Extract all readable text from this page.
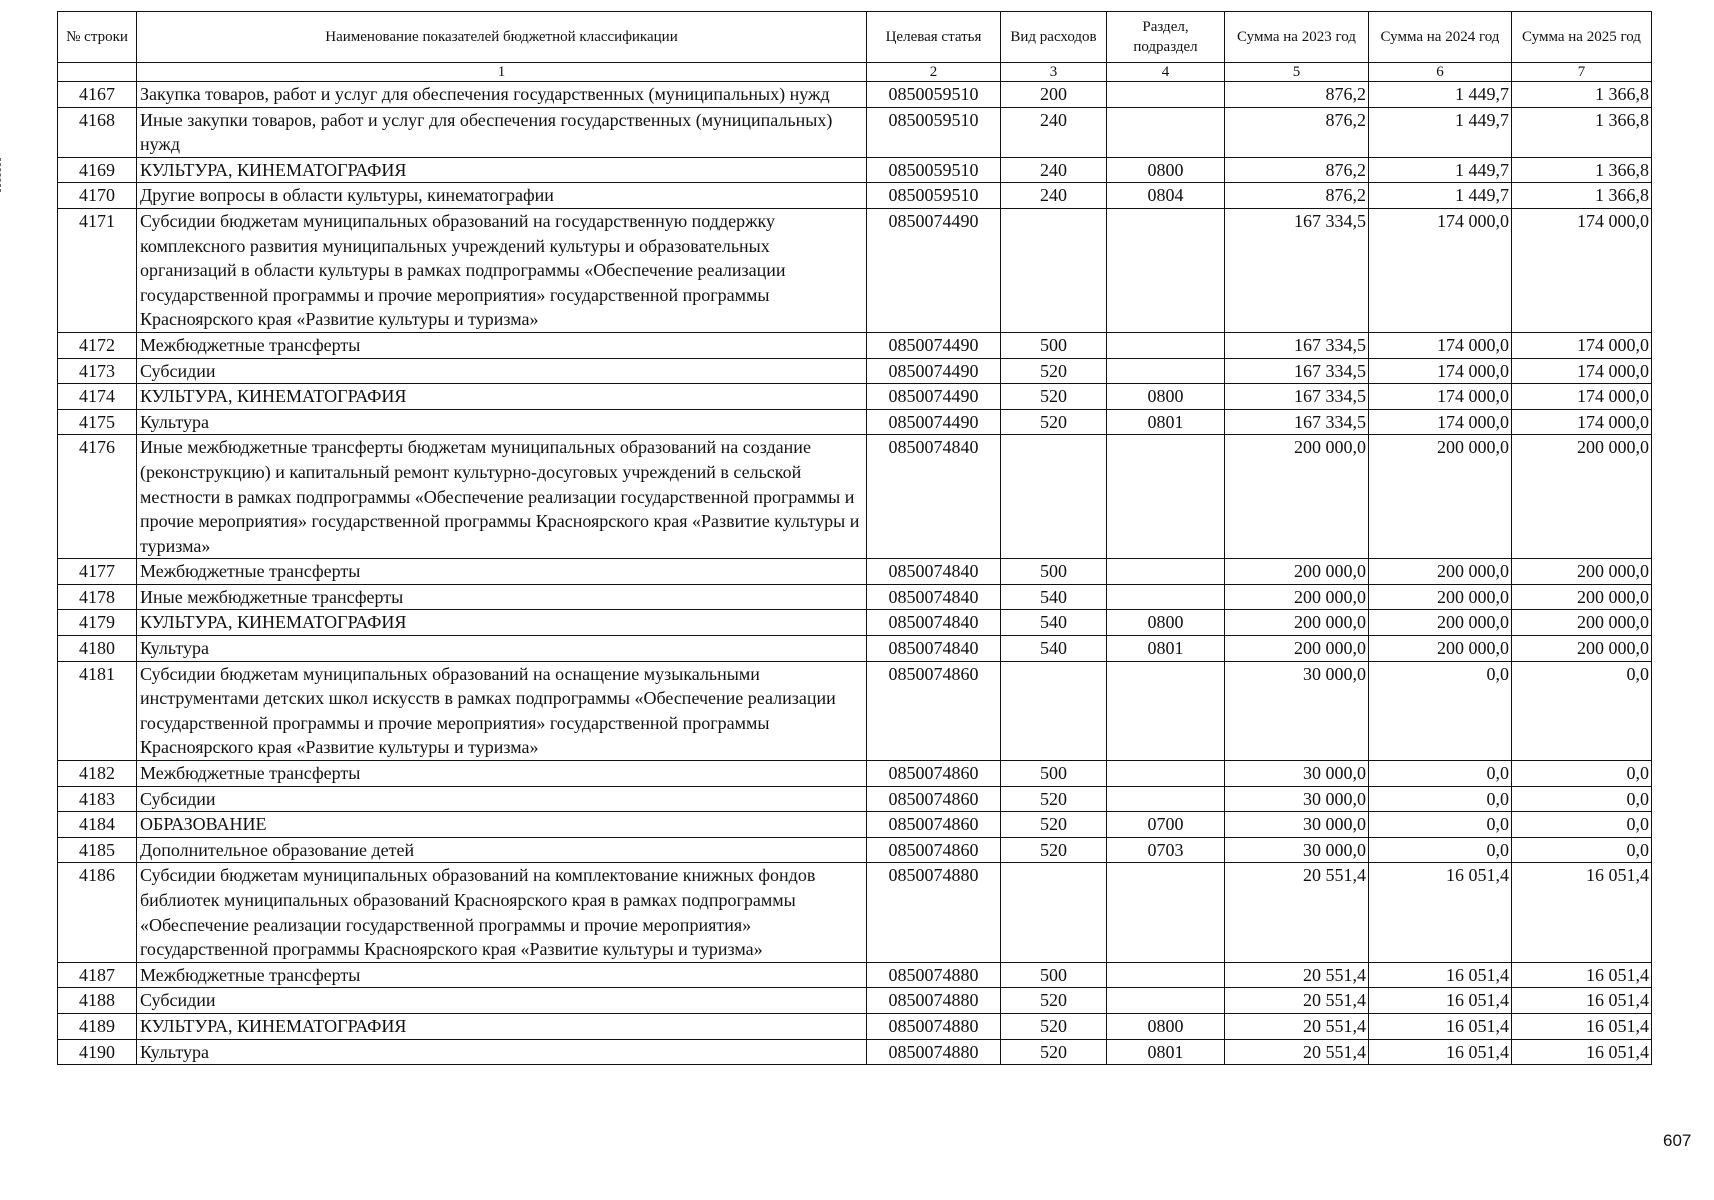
№ строки	Наименование показателей бюджетной классификации	Целевая статья	Вид расходов	Раздел, подраздел	Сумма на 2023 год	Сумма на 2024 год	Сумма на 2025 год
	1	2	3	4	5	6	7
4167	Закупка товаров, работ и услуг для обеспечения государственных (муниципальных) нужд	0850059510	200		876,2	1 449,7	1 366,8
4168	Иные закупки товаров, работ и услуг для обеспечения государственных (муниципальных) нужд	0850059510	240		876,2	1 449,7	1 366,8
4169	КУЛЬТУРА, КИНЕМАТОГРАФИЯ	0850059510	240	0800	876,2	1 449,7	1 366,8
4170	Другие вопросы в области культуры, кинематографии	0850059510	240	0804	876,2	1 449,7	1 366,8
4171	Субсидии бюджетам муниципальных образований на государственную поддержку комплексного развития муниципальных учреждений культуры и образовательных организаций в области культуры в рамках подпрограммы «Обеспечение реализации государственной программы и прочие мероприятия» государственной программы Красноярского края «Развитие культуры и туризма»	0850074490			167 334,5	174 000,0	174 000,0
4172	Межбюджетные трансферты	0850074490	500		167 334,5	174 000,0	174 000,0
4173	Субсидии	0850074490	520		167 334,5	174 000,0	174 000,0
4174	КУЛЬТУРА, КИНЕМАТОГРАФИЯ	0850074490	520	0800	167 334,5	174 000,0	174 000,0
4175	Культура	0850074490	520	0801	167 334,5	174 000,0	174 000,0
4176	Иные межбюджетные трансферты бюджетам муниципальных образований на создание (реконструкцию) и капитальный ремонт культурно-досуговых учреждений в сельской местности в рамках подпрограммы «Обеспечение реализации государственной программы и прочие мероприятия» государственной программы Красноярского края «Развитие культуры и туризма»	0850074840			200 000,0	200 000,0	200 000,0
4177	Межбюджетные трансферты	0850074840	500		200 000,0	200 000,0	200 000,0
4178	Иные межбюджетные трансферты	0850074840	540		200 000,0	200 000,0	200 000,0
4179	КУЛЬТУРА, КИНЕМАТОГРАФИЯ	0850074840	540	0800	200 000,0	200 000,0	200 000,0
4180	Культура	0850074840	540	0801	200 000,0	200 000,0	200 000,0
4181	Субсидии бюджетам муниципальных образований на оснащение музыкальными инструментами детских школ искусств в рамках подпрограммы «Обеспечение реализации государственной программы и прочие мероприятия» государственной программы Красноярского края «Развитие культуры и туризма»	0850074860			30 000,0	0,0	0,0
4182	Межбюджетные трансферты	0850074860	500		30 000,0	0,0	0,0
4183	Субсидии	0850074860	520		30 000,0	0,0	0,0
4184	ОБРАЗОВАНИЕ	0850074860	520	0700	30 000,0	0,0	0,0
4185	Дополнительное образование детей	0850074860	520	0703	30 000,0	0,0	0,0
4186	Субсидии бюджетам муниципальных образований на комплектование книжных фондов библиотек муниципальных образований Красноярского края в рамках подпрограммы «Обеспечение реализации государственной программы и прочие мероприятия» государственной программы Красноярского края «Развитие культуры и туризма»	0850074880			20 551,4	16 051,4	16 051,4
4187	Межбюджетные трансферты	0850074880	500		20 551,4	16 051,4	16 051,4
4188	Субсидии	0850074880	520		20 551,4	16 051,4	16 051,4
4189	КУЛЬТУРА, КИНЕМАТОГРАФИЯ	0850074880	520	0800	20 551,4	16 051,4	16 051,4
4190	Культура	0850074880	520	0801	20 551,4	16 051,4	16 051,4
607
